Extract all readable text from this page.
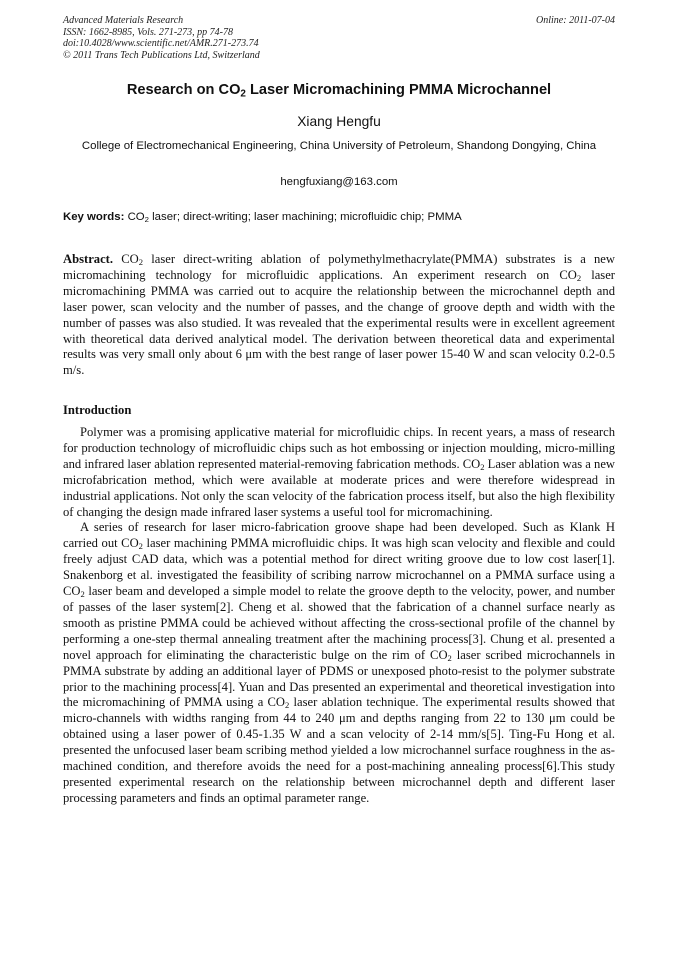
Advanced Materials Research
ISSN: 1662-8985, Vols. 271-273, pp 74-78
doi:10.4028/www.scientific.net/AMR.271-273.74
© 2011 Trans Tech Publications Ltd, Switzerland
Online: 2011-07-04
Research on $CO_2$ Laser Micromachining PMMA Microchannel
Xiang Hengfu
College of Electromechanical Engineering, China University of Petroleum, Shandong Dongying, China
hengfuxiang@163.com
Key words: $CO_2$ laser; direct-writing; laser machining; microfluidic chip; PMMA
Abstract. $CO_2$ laser direct-writing ablation of polymethylmethacrylate(PMMA) substrates is a new micromachining technology for microfluidic applications. An experiment research on $CO_2$ laser micromachining PMMA was carried out to acquire the relationship between the microchannel depth and laser power, scan velocity and the number of passes, and the change of groove depth and width with the number of passes was also studied. It was revealed that the experimental results were in excellent agreement with theoretical data derived analytical model. The derivation between theoretical data and experimental results was very small only about 6 μm with the best range of laser power 15-40 W and scan velocity 0.2-0.5 m/s.
Introduction

Polymer was a promising applicative material for microfluidic chips. In recent years, a mass of research for production technology of microfluidic chips such as hot embossing or injection moulding, micro-milling and infrared laser ablation represented material-removing fabrication methods. $CO_2$ Laser ablation was a new microfabrication method, which were available at moderate prices and were therefore widespread in industrial applications. Not only the scan velocity of the fabrication process itself, but also the high flexibility of changing the design made infrared laser systems a useful tool for micromachining.

A series of research for laser micro-fabrication groove shape had been developed. Such as Klank H carried out $CO_2$ laser machining PMMA microfluidic chips. It was high scan velocity and flexible and could freely adjust CAD data, which was a potential method for direct writing groove due to low cost laser[1]. Snakenborg et al. investigated the feasibility of scribing narrow microchannel on a PMMA surface using a $CO_2$ laser beam and developed a simple model to relate the groove depth to the velocity, power, and number of passes of the laser system[2]. Cheng et al. showed that the fabrication of a channel surface nearly as smooth as pristine PMMA could be achieved without affecting the cross-sectional profile of the channel by performing a one-step thermal annealing treatment after the machining process[3]. Chung et al. presented a novel approach for eliminating the characteristic bulge on the rim of $CO_2$ laser scribed microchannels in PMMA substrate by adding an additional layer of PDMS or unexposed photo-resist to the polymer substrate prior to the machining process[4]. Yuan and Das presented an experimental and theoretical investigation into the micromachining of PMMA using a $CO_2$ laser ablation technique. The experimental results showed that micro-channels with widths ranging from 44 to 240 μm and depths ranging from 22 to 130 μm could be obtained using a laser power of 0.45-1.35 W and a scan velocity of 2-14 mm/s[5]. Ting-Fu Hong et al. presented the unfocused laser beam scribing method yielded a low microchannel surface roughness in the as-machined condition, and therefore avoids the need for a post-machining annealing process[6].This study presented experimental research on the relationship between microchannel depth and different laser processing parameters and finds an optimal parameter range.
